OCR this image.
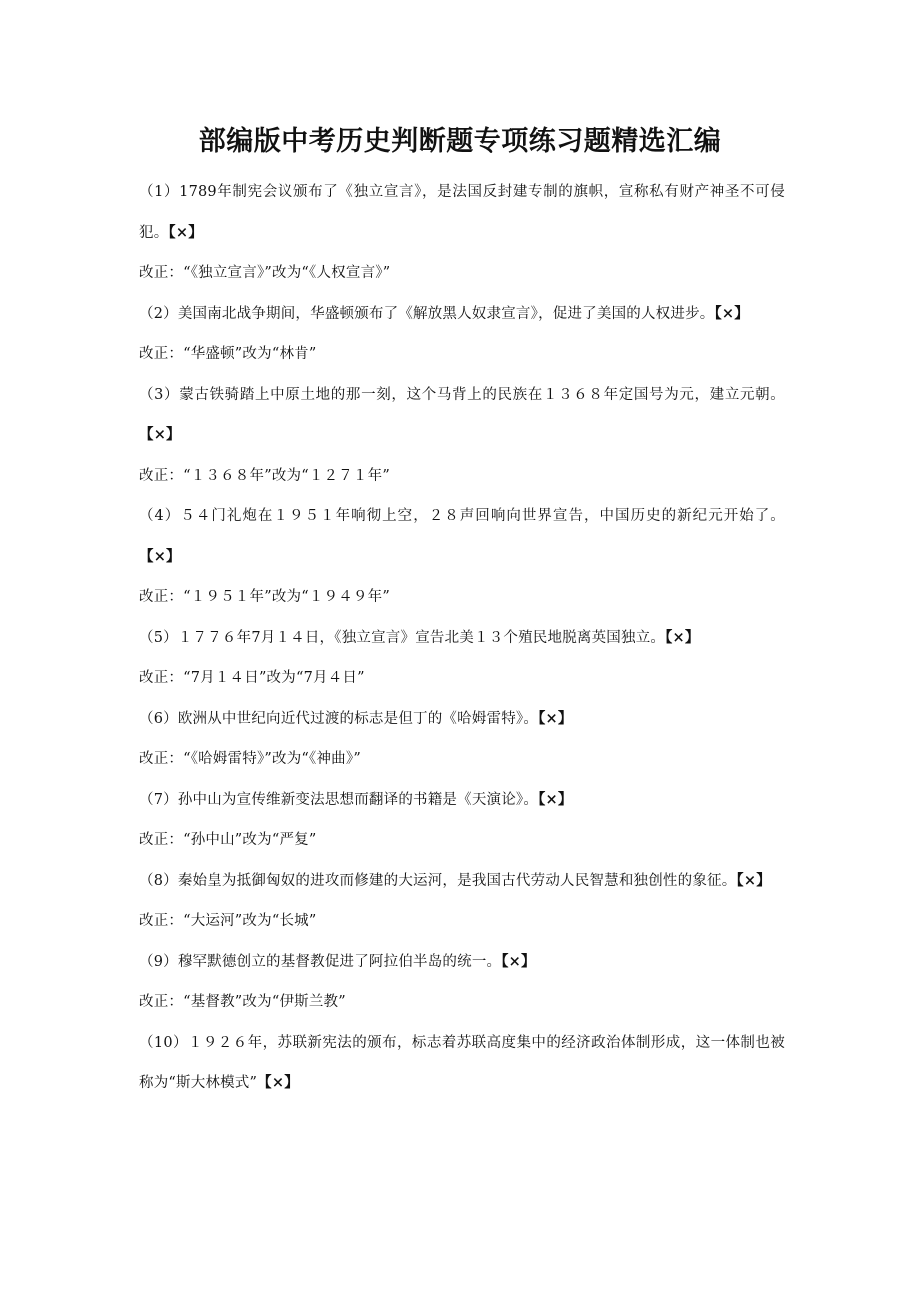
部编版中考历史判断题专项练习题精选汇编

（1）1789年制宪会议颁布了《独立宣言》，是法国反封建专制的旗帜，宣称私有财产神圣不可侵犯。【×】

改正：“《独立宣言》”改为“《人权宣言》”

（2）美国南北战争期间，华盛顿颁布了《解放黑人奴隶宣言》，促进了美国的人权进步。【×】

改正：“华盛顿”改为“林肯”

（3）蒙古铁骑踏上中原土地的那一刻，这个马背上的民族在１３６８年定国号为元，建立元朝。【×】

改正：“１３６８年”改为“１２７１年”

（4）５４门礼炮在１９５１年响彻上空，２８声回响向世界宣告，中国历史的新纪元开始了。【×】

改正：“１９５１年”改为“１９４９年”

（5）１７７６年7月１４日，《独立宣言》宣告北美１３个殖民地脱离英国独立。【×】

改正：“7月１４日”改为“7月４日”

（6）欧洲从中世纪向近代过渡的标志是但丁的《哈姆雷特》。【×】

改正：“《哈姆雷特》”改为“《神曲》”

（7）孙中山为宣传维新变法思想而翻译的书籍是《天演论》。【×】

改正：“孙中山”改为“严复”

（8）秦始皇为抵御匈奴的进攻而修建的大运河，是我国古代劳动人民智慧和独创性的象征。【×】

改正：“大运河”改为“长城”

（9）穆罕默德创立的基督教促进了阿拉伯半岛的统一。【×】

改正：“基督教”改为“伊斯兰教”

（10）１９２６年，苏联新宪法的颁布，标志着苏联高度集中的经济政治体制形成，这一体制也被称为“斯大林模式”【×】
